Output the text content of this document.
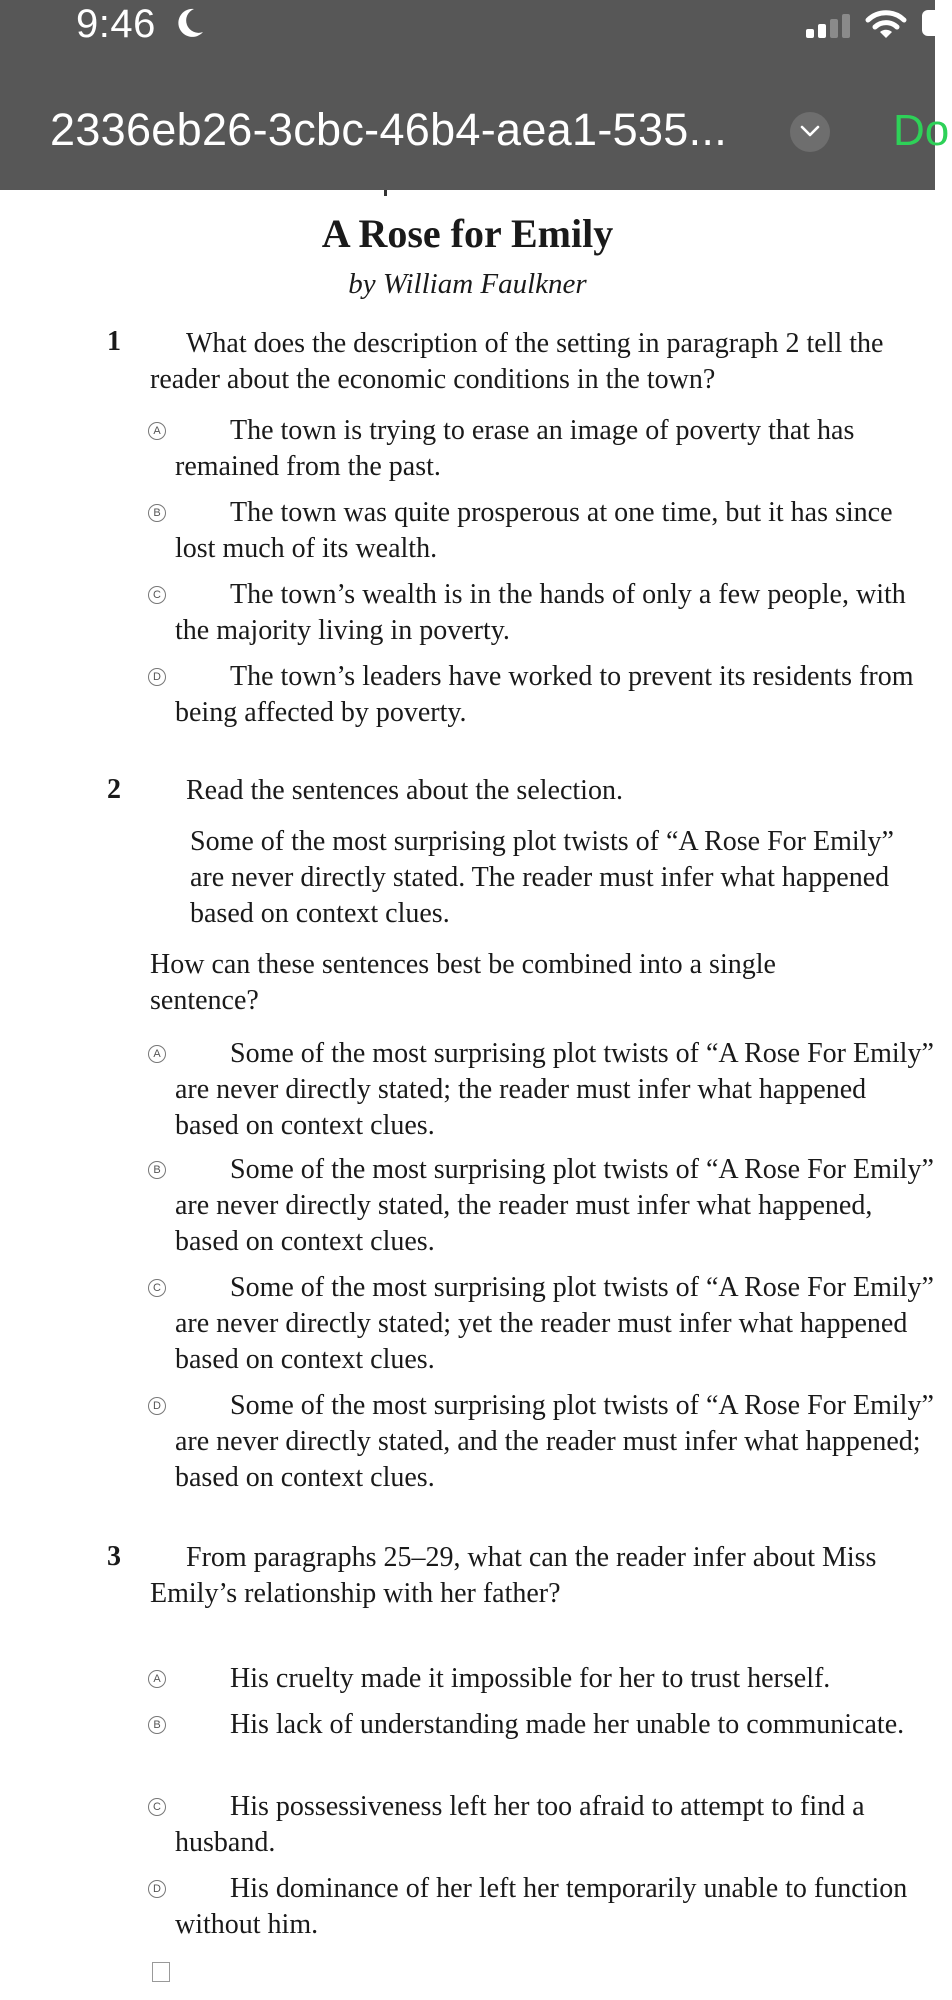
9:46
2336eb26-3cbc-46b4-aea1-535...	Do
A Rose for Emily
by William Faulkner
1	What does the description of the setting in paragraph 2 tell the reader about the economic conditions in the town?
A	The town is trying to erase an image of poverty that has remained from the past.
B	The town was quite prosperous at one time, but it has since lost much of its wealth.
C	The town’s wealth is in the hands of only a few people, with the majority living in poverty.
D	The town’s leaders have worked to prevent its residents from being affected by poverty.
2	Read the sentences about the selection.
Some of the most surprising plot twists of “A Rose For Emily” are never directly stated. The reader must infer what happened based on context clues.
How can these sentences best be combined into a single sentence?
A	Some of the most surprising plot twists of “A Rose For Emily” are never directly stated; the reader must infer what happened based on context clues.
B	Some of the most surprising plot twists of “A Rose For Emily” are never directly stated, the reader must infer what happened, based on context clues.
C	Some of the most surprising plot twists of “A Rose For Emily” are never directly stated; yet the reader must infer what happened based on context clues.
D	Some of the most surprising plot twists of “A Rose For Emily” are never directly stated, and the reader must infer what happened; based on context clues.
3	From paragraphs 25–29, what can the reader infer about Miss Emily’s relationship with her father?
A	His cruelty made it impossible for her to trust herself.
B	His lack of understanding made her unable to communicate.
C	His possessiveness left her too afraid to attempt to find a husband.
D	His dominance of her left her temporarily unable to function without him.
